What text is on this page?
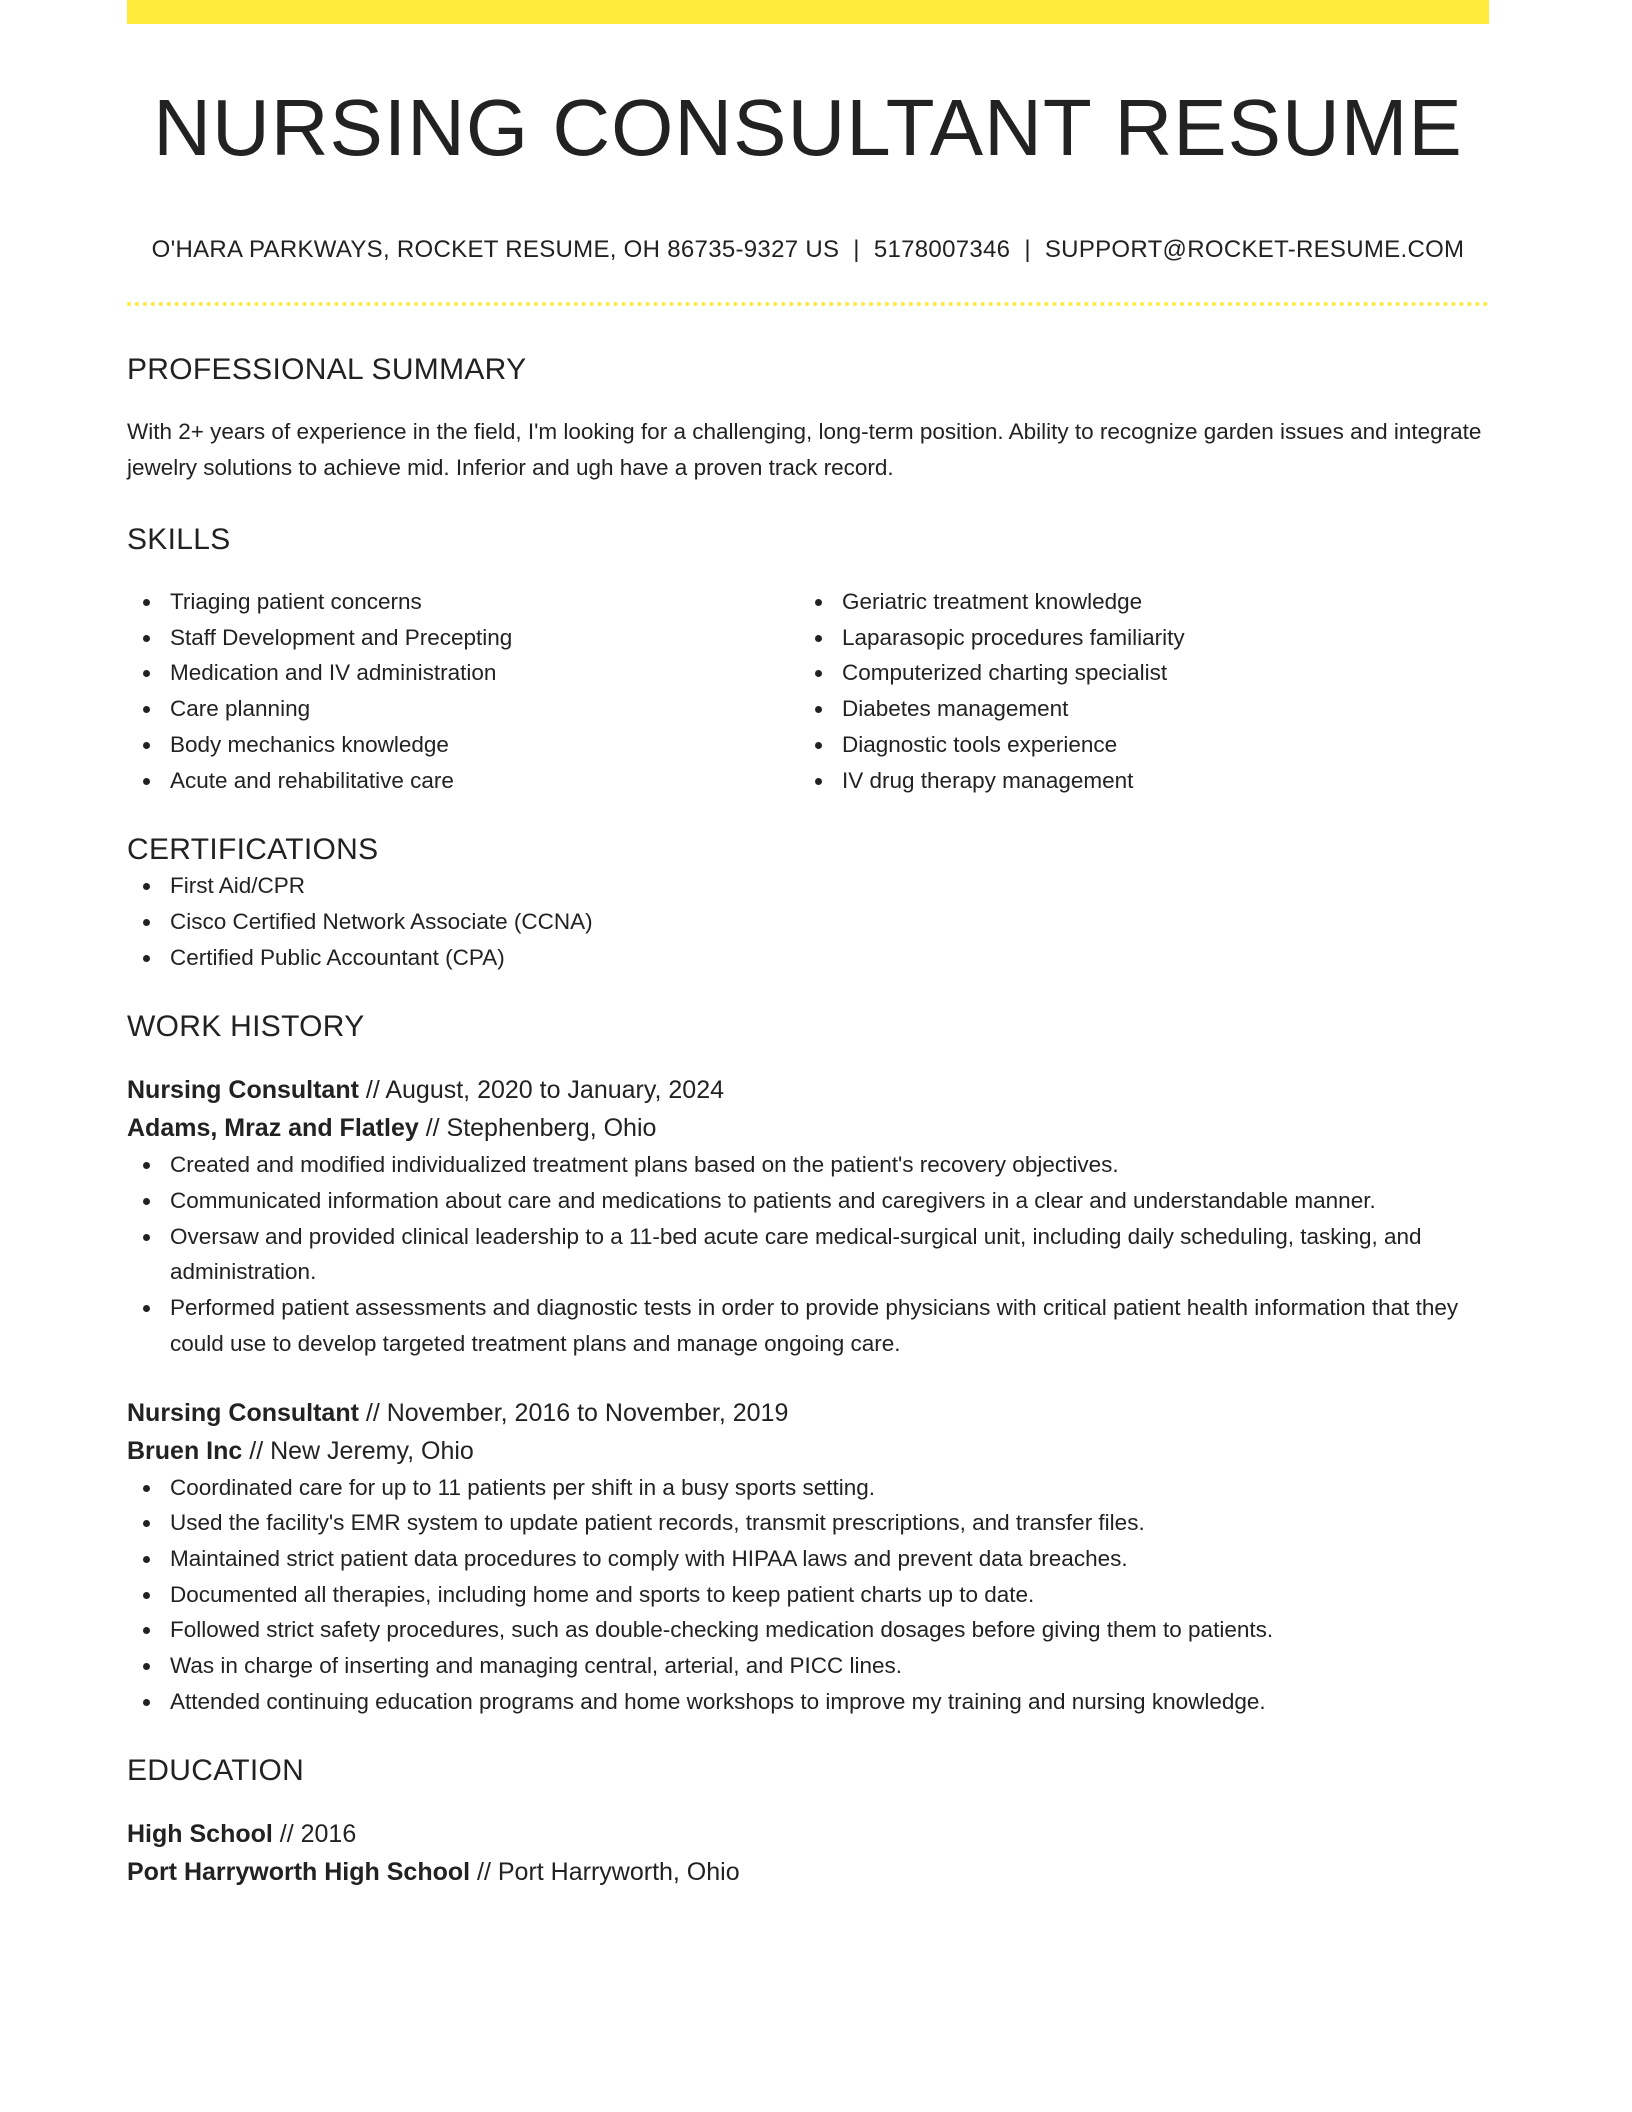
NURSING CONSULTANT RESUME
O'HARA PARKWAYS, ROCKET RESUME, OH 86735-9327 US | 5178007346 | SUPPORT@ROCKET-RESUME.COM
PROFESSIONAL SUMMARY
With 2+ years of experience in the field, I'm looking for a challenging, long-term position. Ability to recognize garden issues and integrate jewelry solutions to achieve mid. Inferior and ugh have a proven track record.
SKILLS
Triaging patient concerns
Staff Development and Precepting
Medication and IV administration
Care planning
Body mechanics knowledge
Acute and rehabilitative care
Geriatric treatment knowledge
Laparasopic procedures familiarity
Computerized charting specialist
Diabetes management
Diagnostic tools experience
IV drug therapy management
CERTIFICATIONS
First Aid/CPR
Cisco Certified Network Associate (CCNA)
Certified Public Accountant (CPA)
WORK HISTORY
Nursing Consultant // August, 2020 to January, 2024
Adams, Mraz and Flatley // Stephenberg, Ohio
Created and modified individualized treatment plans based on the patient's recovery objectives.
Communicated information about care and medications to patients and caregivers in a clear and understandable manner.
Oversaw and provided clinical leadership to a 11-bed acute care medical-surgical unit, including daily scheduling, tasking, and administration.
Performed patient assessments and diagnostic tests in order to provide physicians with critical patient health information that they could use to develop targeted treatment plans and manage ongoing care.
Nursing Consultant // November, 2016 to November, 2019
Bruen Inc // New Jeremy, Ohio
Coordinated care for up to 11 patients per shift in a busy sports setting.
Used the facility's EMR system to update patient records, transmit prescriptions, and transfer files.
Maintained strict patient data procedures to comply with HIPAA laws and prevent data breaches.
Documented all therapies, including home and sports to keep patient charts up to date.
Followed strict safety procedures, such as double-checking medication dosages before giving them to patients.
Was in charge of inserting and managing central, arterial, and PICC lines.
Attended continuing education programs and home workshops to improve my training and nursing knowledge.
EDUCATION
High School // 2016
Port Harryworth High School // Port Harryworth, Ohio
